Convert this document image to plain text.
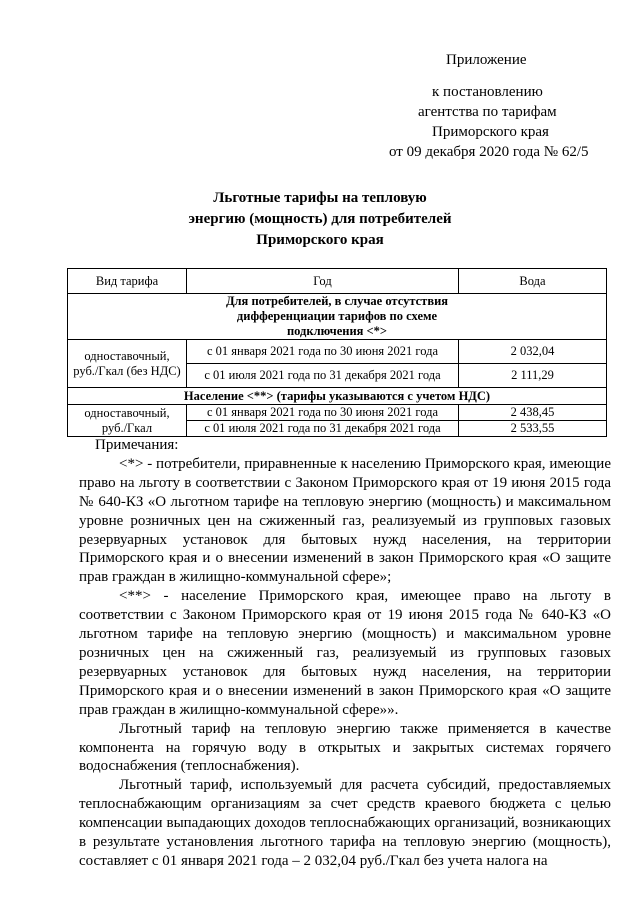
Приложение
к постановлению
агентства по тарифам
Приморского края
от 09 декабря 2020 года № 62/5
Льготные тарифы на тепловую
энергию (мощность) для потребителей
Приморского края
Вид тарифа	Год	Вода
Для потребителей, в случае отсутствия дифференциации тарифов по схеме подключения <*>		
одноставочный, руб./Гкал (без НДС)	с 01 января 2021 года по 30 июня 2021 года	2 032,04
	с 01 июля 2021 года по 31 декабря 2021 года	2 111,29
Население <**> (тарифы указываются с учетом НДС)		
одноставочный, руб./Гкал	с 01 января 2021 года по 30 июня 2021 года	2 438,45
	с 01 июля 2021 года по 31 декабря 2021 года	2 533,55

Примечания:

<*> - потребители, приравненные к населению Приморского края, имеющие право на льготу в соответствии с Законом Приморского края от 19 июня 2015 года № 640-КЗ «О льготном тарифе на тепловую энергию (мощность) и максимальном уровне розничных цен на сжиженный газ, реализуемый из групповых газовых резервуарных установок для бытовых нужд населения, на территории Приморского края и о внесении изменений в закон Приморского края «О защите прав граждан в жилищно-коммунальной сфере»;

<**> - население Приморского края, имеющее право на льготу в соответствии с Законом Приморского края от 19 июня 2015 года № 640-КЗ «О льготном тарифе на тепловую энергию (мощность) и максимальном уровне розничных цен на сжиженный газ, реализуемый из групповых газовых резервуарных установок для бытовых нужд населения, на территории Приморского края и о внесении изменений в закон Приморского края «О защите прав граждан в жилищно-коммунальной сфере»».

Льготный тариф на тепловую энергию также применяется в качестве компонента на горячую воду в открытых и закрытых системах горячего водоснабжения (теплоснабжения).

Льготный тариф, используемый для расчета субсидий, предоставляемых теплоснабжающим организациям за счет средств краевого бюджета с целью компенсации выпадающих доходов теплоснабжающих организаций, возникающих в результате установления льготного тарифа на тепловую энергию (мощность), составляет с 01 января 2021 года – 2 032,04 руб./Гкал без учета налога на
